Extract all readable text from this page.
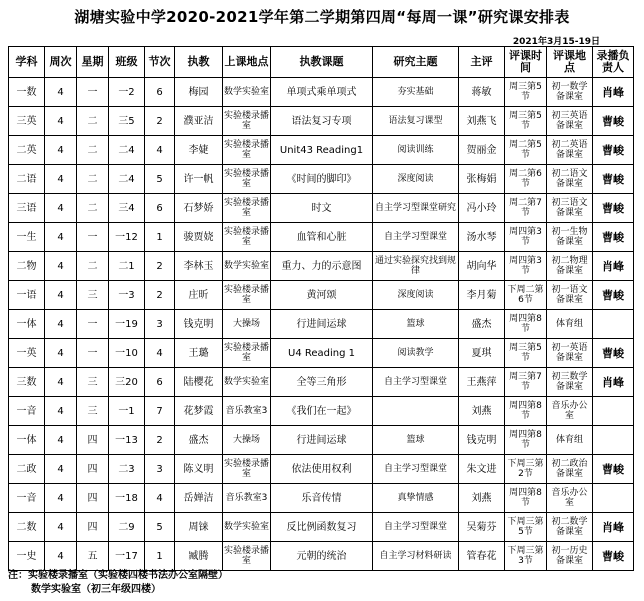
湖塘实验中学2020-2021学年第二学期第四周“每周一课”研究课安排表
2021年3月15-19日
学科	周次	星期	班级	节次	执教	上课地点	执教课题	研究主题	主评	评课时间	评课地点	录播负责人
一数	4	一	一2	6	梅园	数学实验室	单项式乘单项式	夯实基础	蒋敏	周三第5节	初一数学备课室	肖峰
三英	4	二	三5	2	濮亚洁	实验楼录播室	语法复习专项	语法复习课型	刘燕飞	周三第5节	初三英语备课室	曹峻
二英	4	二	二4	4	李婕	实验楼录播室	Unit43 Reading1	阅读训练	贺丽金	周二第5节	初二英语备课室	曹峻
二语	4	二	二4	5	许一帆	实验楼录播室	《时间的脚印》	深度阅读	张梅娟	周二第6节	初二语文备课室	曹峻
三语	4	二	三4	6	石梦娇	实验楼录播室	时文	自主学习型课堂研究	冯小玲	周二第7节	初三语文备课室	曹峻
一生	4	一	一12	1	骏贾娆	实验楼录播室	血管和心脏	自主学习型课堂	汤水琴	周四第3节	初一生物备课室	曹峻
二物	4	二	二1	2	李林玉	数学实验室	重力、力的示意图	通过实验探究找到规律	胡向华	周四第3节	初二物理备课室	肖峰
一语	4	三	一3	2	庄昕	实验楼录播室	黄河颂	深度阅读	李月菊	下周二第6节	初一语文备课室	曹峻
一体	4	一	一19	3	钱克明	大操场	行进间运球	篮球	盛杰	周四第8节	体育组	
一英	4	一	一10	4	王璐	实验楼录播室	U4 Reading 1	阅读教学	夏琪	周三第5节	初一英语备课室	曹峻
三数	4	三	三20	6	陆樱花	数学实验室	全等三角形	自主学习型课堂	王燕萍	周三第7节	初三数学备课室	肖峰
一音	4	三	一1	7	花梦霞	音乐教室3	《我们在一起》		刘燕	周四第8节	音乐办公室	
一体	4	四	一13	2	盛杰	大操场	行进间运球	篮球	钱克明	周四第8节	体育组	
二政	4	四	二3	3	陈义明	实验楼录播室	依法使用权利	自主学习型课堂	朱文进	下周三第2节	初二政治备课室	曹峻
一音	4	四	一18	4	岳婵洁	音乐教室3	乐音传情	真挚情感	刘燕	周四第8节	音乐办公室	
二数	4	四	二9	5	周铼	数学实验室	反比例函数复习	自主学习型课堂	吴菊芬	下周三第5节	初二数学备课室	肖峰
一史	4	五	一17	1	臧腾	实验楼录播室	元朝的统治	自主学习材料研读	管春花	下周三第3节	初一历史备课室	曹峻
注：实验楼录播室（实验楼四楼书法办公室隔壁）
数学实验室（初三年级四楼）
